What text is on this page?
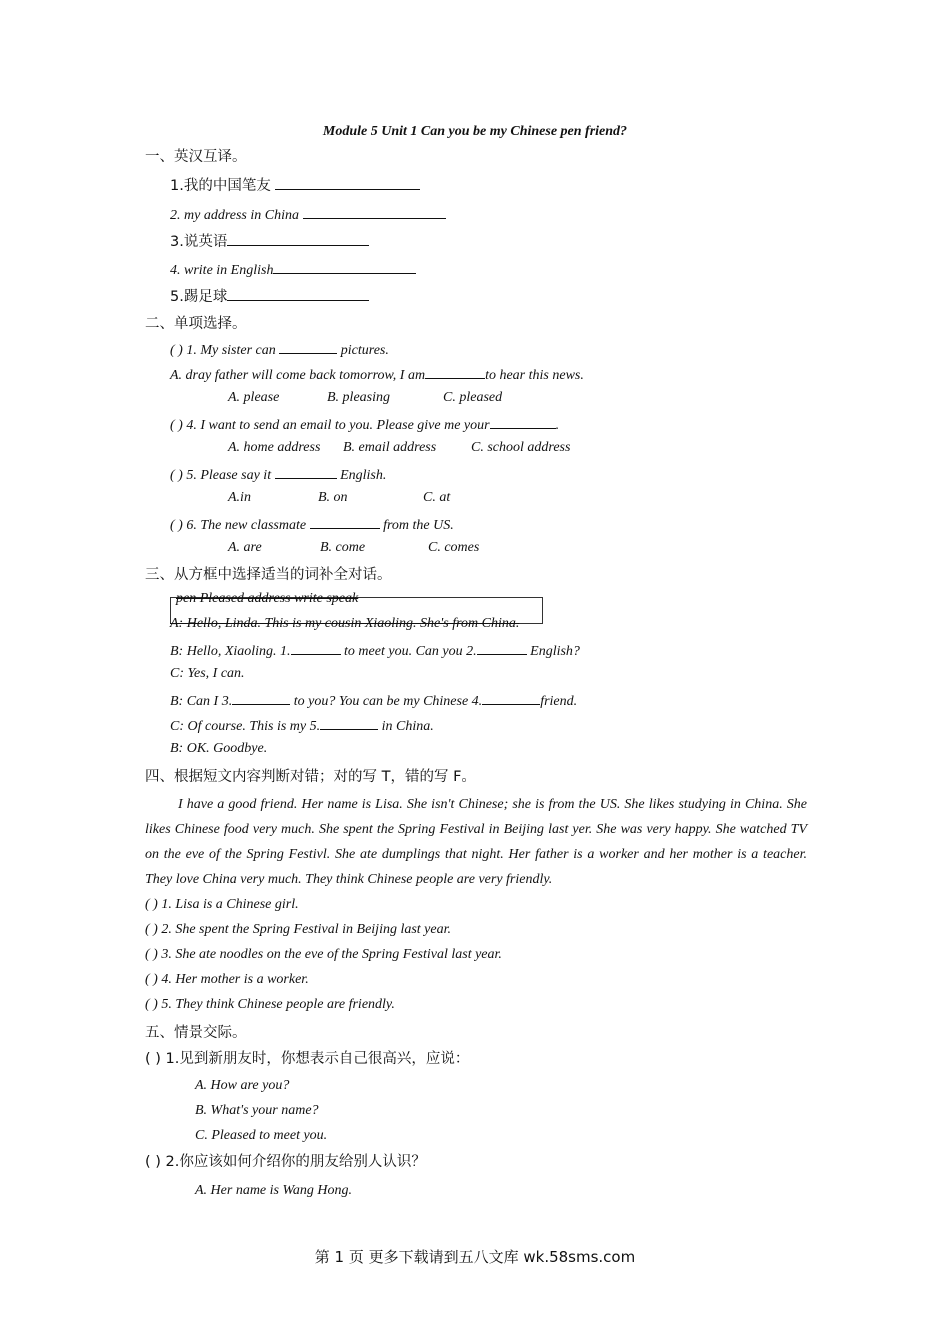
Module 5 Unit 1 Can you be my Chinese pen friend?
一、英汉互译。
1.我的中国笔友
2. my address in China
3.说英语
4. write in English
5.踢足球
二、单项选择。
( ) 1. My sister can	pictures.
A. dray father will come back tomorrow, I am	to hear this news.
A. please	B. pleasing	C. pleased
( ) 4. I want to send an email to you. Please give me your	.
A. home address B. email address C. school address
( ) 5. Please say it	English.
A.in	B. on	C. at
( ) 6. The new classmate	from the US.
A. are	B. come	C. comes
三、从方框中选择适当的词补全对话。
pen Pleased address write speak
A: Hello, Linda. This is my cousin Xiaoling. She's from China.
B: Hello, Xiaoling. 1.	to meet you. Can you 2.	English?
C: Yes, I can.
B: Can I 3.	to you? You can be my Chinese 4.	friend.
C: Of course. This is my 5.	in China.
B: OK. Goodbye.
四、根据短文内容判断对错；对的写 T，错的写 F。
I have a good friend. Her name is Lisa. She isn't Chinese; she is from the US. She likes studying in China. She likes Chinese food very much. She spent the Spring Festival in Beijing last yer. She was very happy. She watched TV on the eve of the Spring Festivl. She ate dumplings that night. Her father is a worker and her mother is a teacher. They love China very much. They think Chinese people are very friendly.
( ) 1. Lisa is a Chinese girl.
( ) 2. She spent the Spring Festival in Beijing last year.
( ) 3. She ate noodles on the eve of the Spring Festival last year.
( ) 4. Her mother is a worker.
( ) 5. They think Chinese people are friendly.
五、情景交际。
( ) 1.见到新朋友时，你想表示自己很高兴，应说：
A. How are you?
B. What's your name?
C. Pleased to meet you.
( ) 2.你应该如何介绍你的朋友给别人认识？
A. Her name is Wang Hong.
第 1 页 更多下载请到五八文库 wk.58sms.com
